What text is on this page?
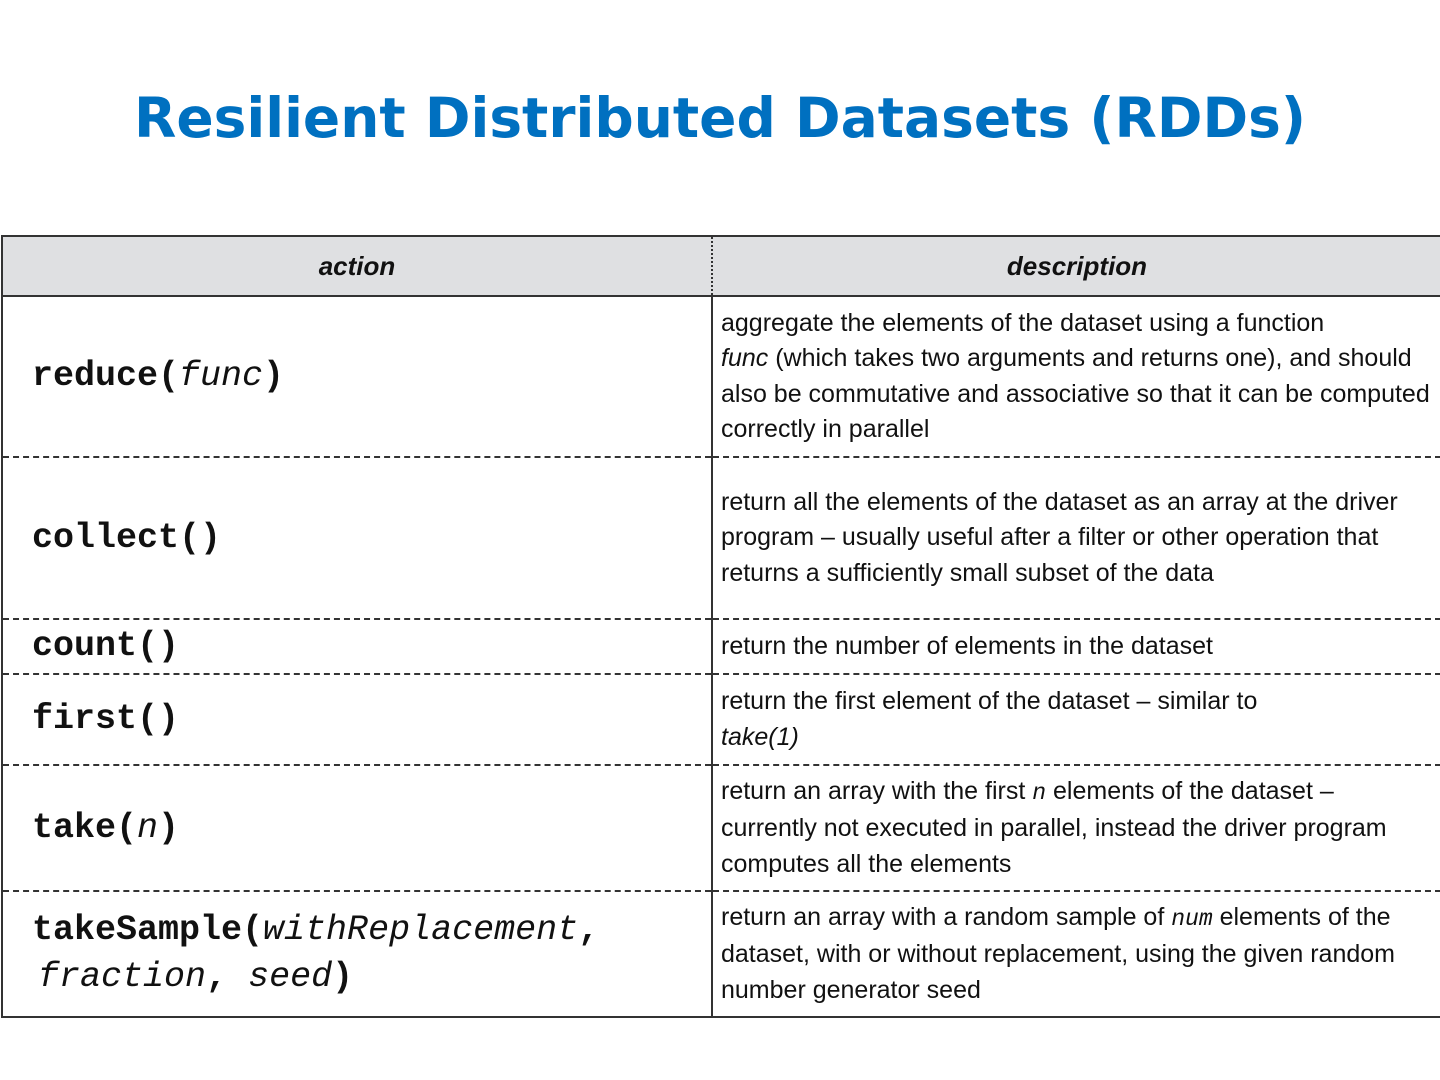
Resilient Distributed Datasets (RDDs)
action	description
reduce(func)	aggregate the elements of the dataset using a function
func (which takes two arguments and returns one), and should also be commutative and associative so that it can be computed correctly in parallel
collect()	return all the elements of the dataset as an array at the driver program – usually useful after a filter or other operation that returns a sufficiently small subset of the data
count()	return the number of elements in the dataset
first()	return the first element of the dataset – similar to
take(1)
take(n)	return an array with the first n elements of the dataset – currently not executed in parallel, instead the driver program computes all the elements
takeSample(withReplacement,
fraction, seed)	return an array with a random sample of num elements of the dataset, with or without replacement, using the given random number generator seed
